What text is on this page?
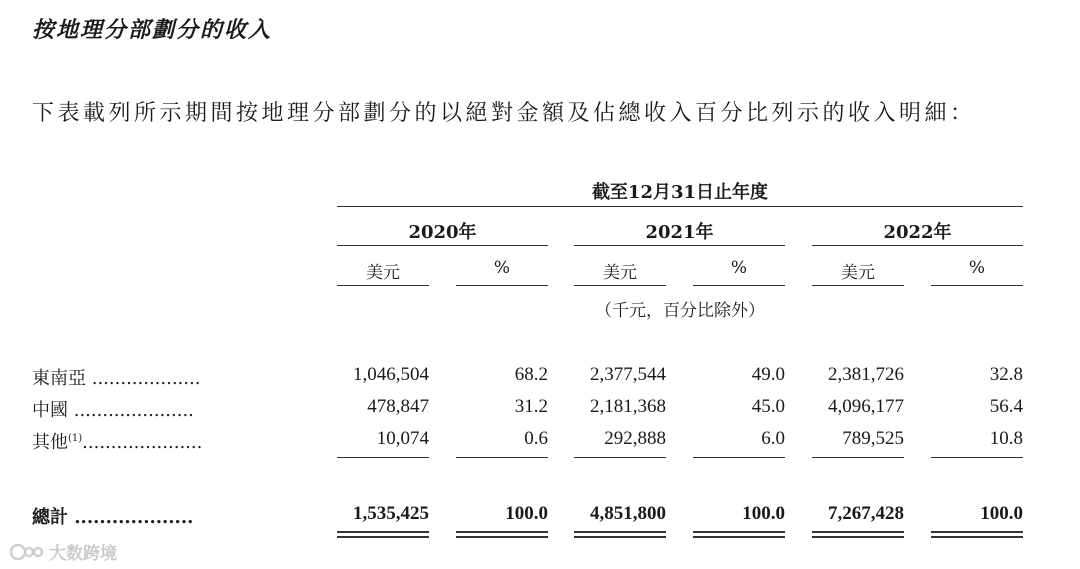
按地理分部劃分的收入
下表載列所示期間按地理分部劃分的以絕對金額及佔總收入百分比列示的收入明細：
截至12月31日止年度
2020年	2021年	2022年
美元	%	美元	%	美元	%
（千元，百分比除外）
東南亞 ...................	1,046,504	68.2	2,377,544	49.0	2,381,726	32.8
中國 .....................	478,847	31.2	2,181,368	45.0	4,096,177	56.4
其他$^{(1)}$.....................	10,074	0.6	292,888	6.0	789,525	10.8
總計 ...................	1,535,425	100.0	4,851,800	100.0	7,267,428	100.0
大数跨境
